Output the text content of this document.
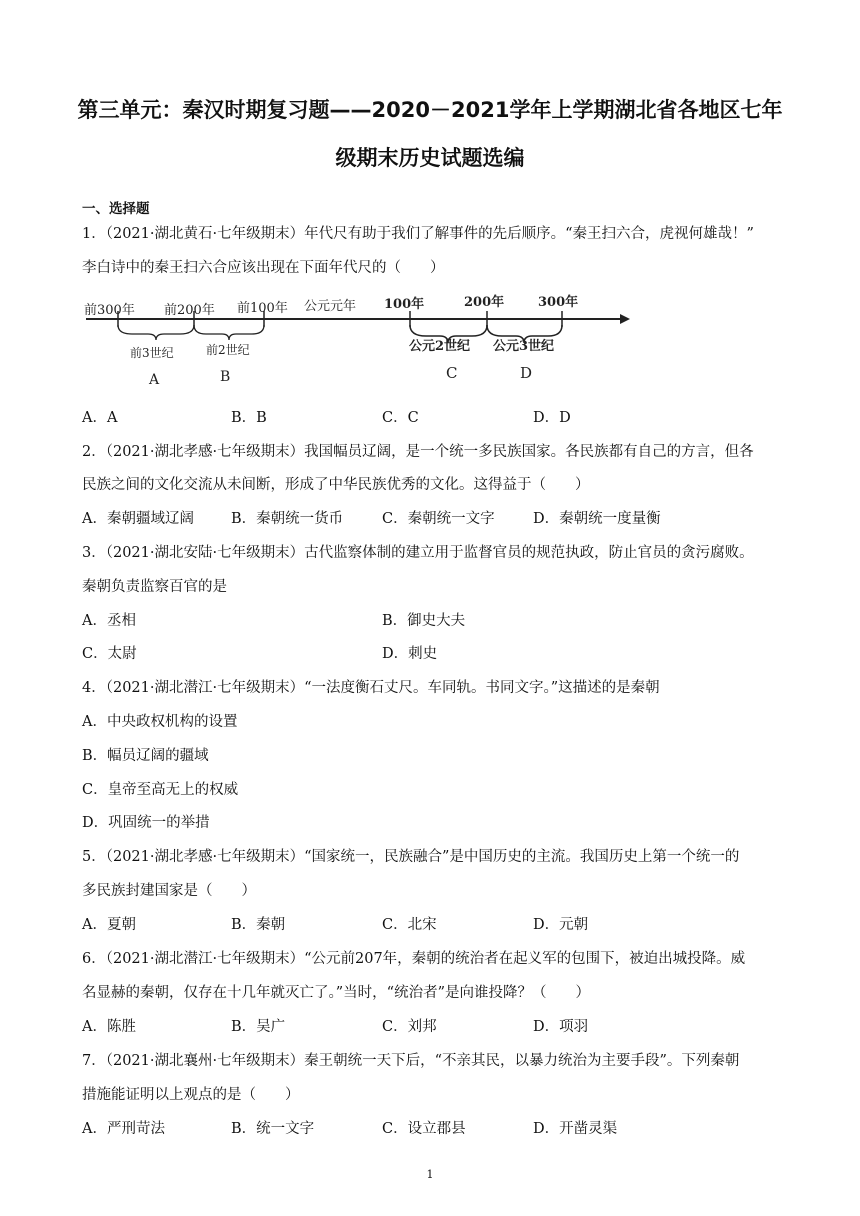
第三单元：秦汉时期复习题——2020－2021学年上学期湖北省各地区七年
级期末历史试题选编
一、选择题
1．（2021·湖北黄石·七年级期末）年代尺有助于我们了解事件的先后顺序。“秦王扫六合，虎视何雄哉！”
李白诗中的秦王扫六合应该出现在下面年代尺的（　　）
前300年 前200年 前100年 公元元年 100年	200年	300年
前3世纪	前2世纪	公元2世纪 公元3世纪
A	B	C	D
A．A	B．B	C．C	D．D
2．（2021·湖北孝感·七年级期末）我国幅员辽阔，是一个统一多民族国家。各民族都有自己的方言，但各
民族之间的文化交流从未间断，形成了中华民族优秀的文化。这得益于（　　）
A．秦朝疆域辽阔	B．秦朝统一货币	C．秦朝统一文字	D．秦朝统一度量衡
3．（2021·湖北安陆·七年级期末）古代监察体制的建立用于监督官员的规范执政，防止官员的贪污腐败。
秦朝负责监察百官的是
A．丞相	B．御史大夫
C．太尉	D．刺史
4．（2021·湖北潜江·七年级期末）“一法度衡石丈尺。车同轨。书同文字。”这描述的是秦朝
A．中央政权机构的设置
B．幅员辽阔的疆域
C．皇帝至高无上的权威
D．巩固统一的举措
5．（2021·湖北孝感·七年级期末）“国家统一，民族融合”是中国历史的主流。我国历史上第一个统一的
多民族封建国家是（　　）
A．夏朝	B．秦朝	C．北宋	D．元朝
6．（2021·湖北潜江·七年级期末）“公元前207年，秦朝的统治者在起义军的包围下，被迫出城投降。威
名显赫的秦朝，仅存在十几年就灭亡了。”当时，“统治者”是向谁投降？（　　）
A．陈胜	B．吴广	C．刘邦	D．项羽
7．（2021·湖北襄州·七年级期末）秦王朝统一天下后，“不亲其民，以暴力统治为主要手段”。下列秦朝
措施能证明以上观点的是（　　）
A．严刑苛法	B．统一文字	C．设立郡县	D．开凿灵渠
1
